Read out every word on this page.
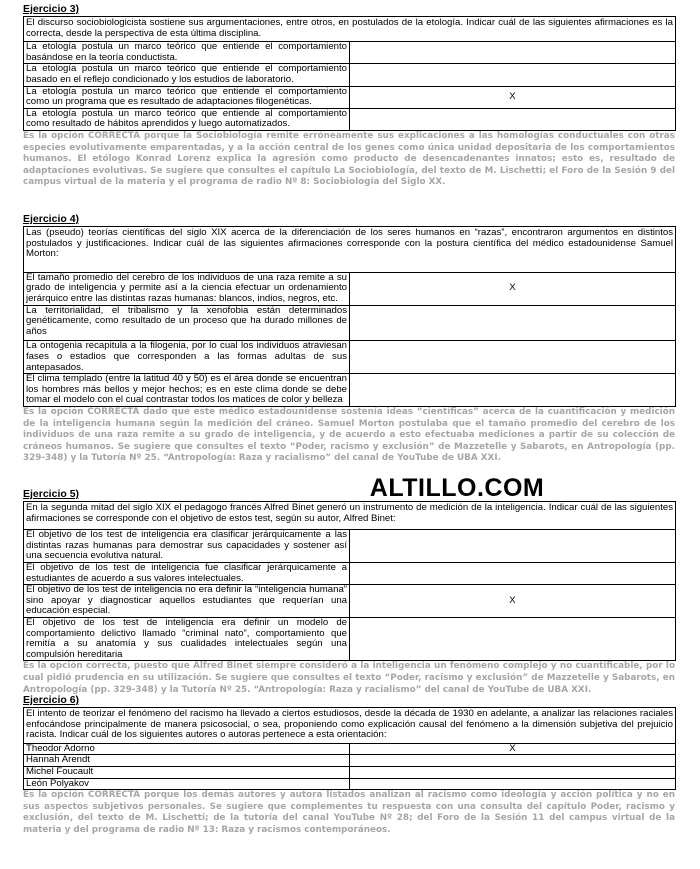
Ejercicio 3)
El discurso sociobiologicista sostiene sus argumentaciones, entre otros, en postulados de la etología. Indicar cuál de las siguientes afirmaciones es la correcta, desde la perspectiva de esta última disciplina.	
La etología postula un marco teórico que entiende el comportamiento basándose en la teoría conductista.	
La etología postula un marco teórico que entiende el comportamiento basado en el reflejo condicionado y los estudios de laboratorio.	
La etología postula un marco teórico que entiende el comportamiento como un programa que es resultado de adaptaciones filogenéticas.	X
La etología postula un marco teórico que entiende al comportamiento como resultado de hábitos aprendidos y luego automatizados.	

Es la opción CORRECTA porque la Sociobiología remite erróneamente sus explicaciones a las homologías conductuales con otras especies evolutivamente emparentadas, y a la acción central de los genes como única unidad depositaria de los comportamientos humanos. El etólogo Konrad Lorenz explica la agresión como producto de desencadenantes innatos; esto es, resultado de adaptaciones evolutivas. Se sugiere que consultes el capítulo La Sociobiología, del texto de M. Lischetti; el Foro de la Sesión 9 del campus virtual de la materia y el programa de radio Nº 8: Sociobiología del Siglo XX.

Ejercicio 4)
Las (pseudo) teorías científicas del siglo XIX acerca de la diferenciación de los seres humanos en “razas”, encontraron argumentos en distintos postulados y justificaciones. Indicar cuál de las siguientes afirmaciones corresponde con la postura científica del médico estadounidense Samuel Morton:	
El tamaño promedio del cerebro de los individuos de una raza remite a su grado de inteligencia y permite así a la ciencia efectuar un ordenamiento jerárquico entre las distintas razas humanas: blancos, indios, negros, etc.	X
La territorialidad, el tribalismo y la xenofobia están determinados genéticamente, como resultado de un proceso que ha durado millones de años	
La ontogenia recapitula a la filogenia, por lo cual los individuos atraviesan fases o estadios que corresponden a las formas adultas de sus antepasados.	
El clima templado (entre la latitud 40 y 50) es el área donde se encuentran los hombres más bellos y mejor hechos; es en este clima donde se debe tomar el modelo con el cual contrastar todos los matices de color y belleza	

Es la opción CORRECTA dado que este médico estadounidense sostenía ideas “científicas” acerca de la cuantificación y medición de la inteligencia humana según la medición del cráneo. Samuel Morton postulaba que el tamaño promedio del cerebro de los individuos de una raza remite a su grado de inteligencia, y de acuerdo a esto efectuaba mediciones a partir de su colección de cráneos humanos. Se sugiere que consultes el texto “Poder, racismo y exclusión” de Mazzetelle y Sabarots, en Antropología (pp. 329-348) y la Tutoría Nº 25. “Antropología: Raza y racialismo” del canal de YouTube de UBA XXI.

ALTILLO.COM
Ejercicio 5)
En la segunda mitad del siglo XIX el pedagogo francés Alfred Binet generó un instrumento de medición de la inteligencia. Indicar cuál de las siguientes afirmaciones se corresponde con el objetivo de estos test, según su autor, Alfred Binet:	
El objetivo de los test de inteligencia era clasificar jerárquicamente a las distintas razas humanas para demostrar sus capacidades y sostener así una secuencia evolutiva natural.	
El objetivo de los test de inteligencia fue clasificar jerárquicamente a estudiantes de acuerdo a sus valores intelectuales.	
El objetivo de los test de inteligencia no era definir la “inteligencia humana” sino apoyar y diagnosticar aquellos estudiantes que requerían una educación especial.	X
El objetivo de los test de inteligencia era definir un modelo de comportamiento delictivo llamado “criminal nato”, comportamiento que remitía a su anatomía y sus cualidades intelectuales según una compulsión hereditaria	

Es la opción correcta, puesto que Alfred Binet siempre consideró a la inteligencia un fenómeno complejo y no cuantificable, por lo cual pidió prudencia en su utilización. Se sugiere que consultes el texto “Poder, racismo y exclusión” de Mazzetelle y Sabarots, en Antropología (pp. 329-348) y la Tutoría Nº 25. “Antropología: Raza y racialismo” del canal de YouTube de UBA XXI.

Ejercicio 6)
El intento de teorizar el fenómeno del racismo ha llevado a ciertos estudiosos, desde la década de 1930 en adelante, a analizar las relaciones raciales enfocándose principalmente de manera psicosocial, o sea, proponiendo como explicación causal del fenómeno a la dimensión subjetiva del prejuicio racista. Indicar cuál de los siguientes autores o autoras pertenece a esta orientación:	
Theodor Adorno	X
Hannah Arendt	
Michel Foucault	
León Polyakov	

Es la opción CORRECTA porque los demás autores y autora listados analizan al racismo como ideología y acción política y no en sus aspectos subjetivos personales. Se sugiere que complementes tu respuesta con una consulta del capítulo Poder, racismo y exclusión, del texto de M. Lischetti; de la tutoría del canal YouTube Nº 28; del Foro de la Sesión 11 del campus virtual de la materia y del programa de radio Nº 13: Raza y racismos contemporáneos.
